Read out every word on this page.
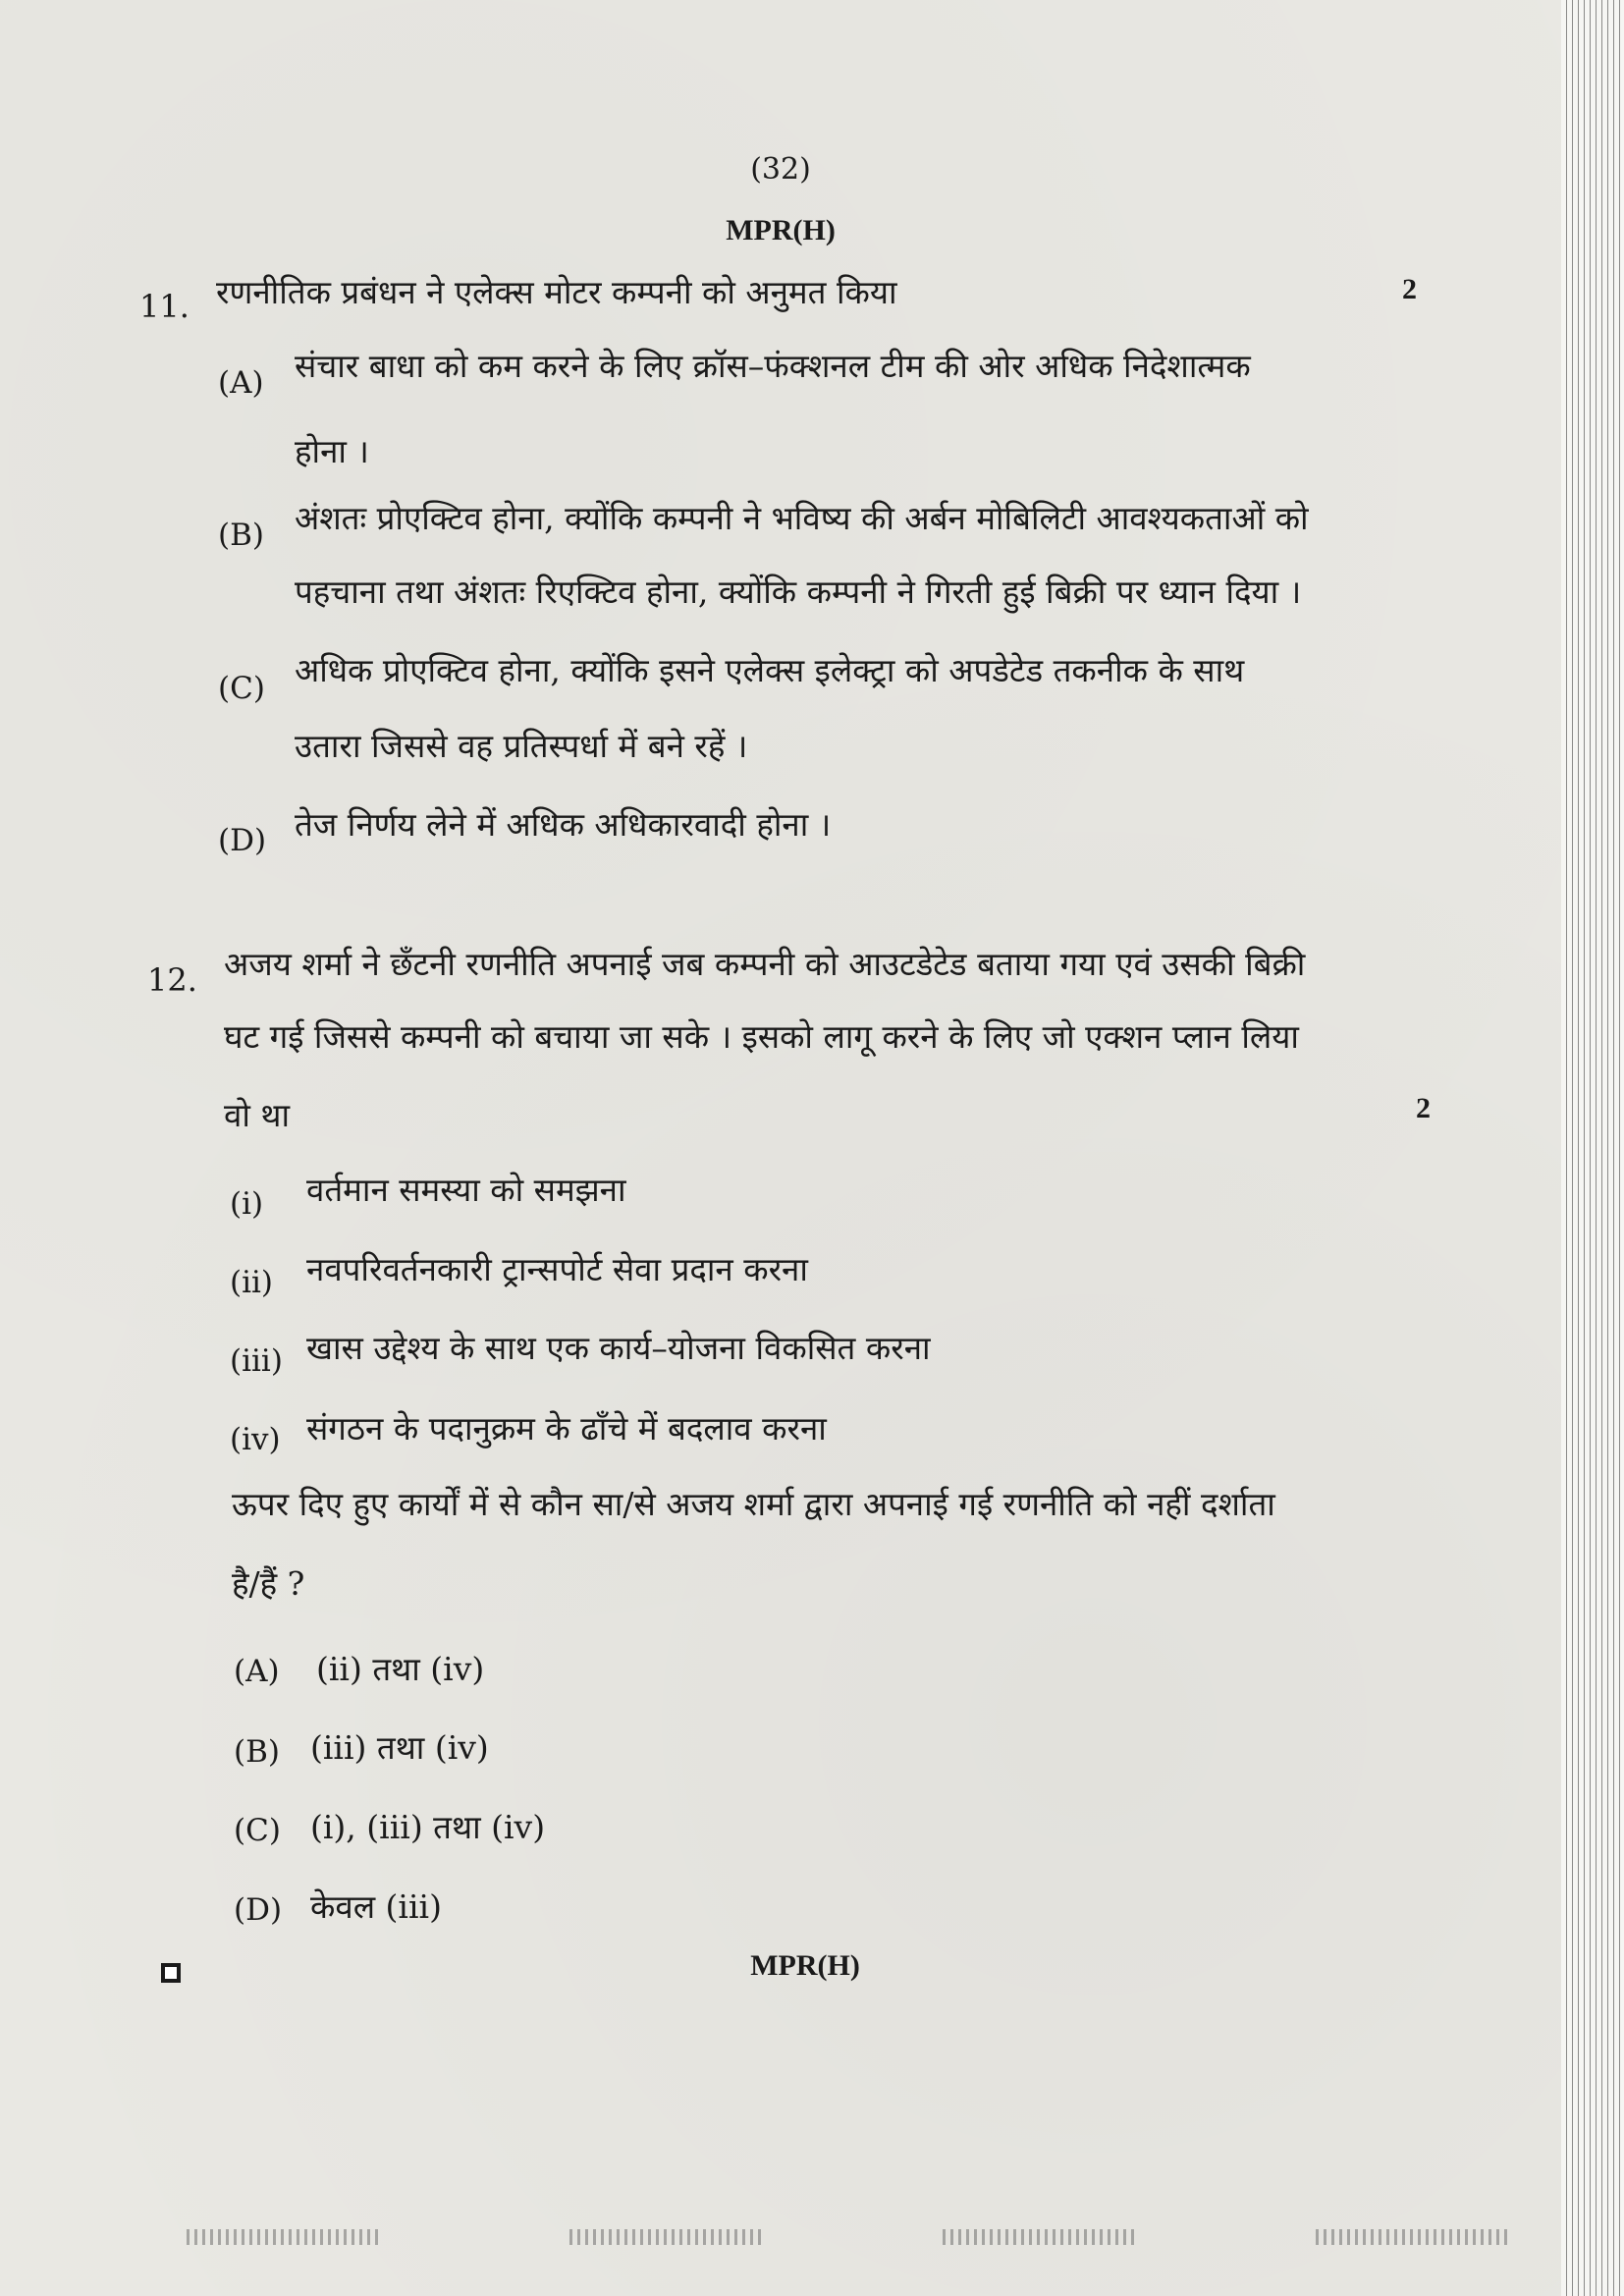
(32)
MPR(H)
11. रणनीतिक प्रबंधन ने एलेक्स मोटर कम्पनी को अनुमत किया	2
(A) संचार बाधा को कम करने के लिए क्रॉस–फंक्शनल टीम की ओर अधिक निदेशात्मक
होना ।
(B) अंशतः प्रोएक्टिव होना, क्योंकि कम्पनी ने भविष्य की अर्बन मोबिलिटी आवश्यकताओं को
पहचाना तथा अंशतः रिएक्टिव होना, क्योंकि कम्पनी ने गिरती हुई बिक्री पर ध्यान दिया ।
(C) अधिक प्रोएक्टिव होना, क्योंकि इसने एलेक्स इलेक्ट्रा को अपडेटेड तकनीक के साथ
उतारा जिससे वह प्रतिस्पर्धा में बने रहें ।
(D) तेज निर्णय लेने में अधिक अधिकारवादी होना ।
12. अजय शर्मा ने छँटनी रणनीति अपनाई जब कम्पनी को आउटडेटेड बताया गया एवं उसकी बिक्री
घट गई जिससे कम्पनी को बचाया जा सके । इसको लागू करने के लिए जो एक्शन प्लान लिया
वो था	2
(i) वर्तमान समस्या को समझना
(ii) नवपरिवर्तनकारी ट्रान्सपोर्ट सेवा प्रदान करना
(iii) खास उद्देश्य के साथ एक कार्य–योजना विकसित करना
(iv) संगठन के पदानुक्रम के ढाँचे में बदलाव करना
ऊपर दिए हुए कार्यों में से कौन सा/से अजय शर्मा द्वारा अपनाई गई रणनीति को नहीं दर्शाता
है/हैं ?
(A) (ii) तथा (iv)
(B) (iii) तथा (iv)
(C) (i), (iii) तथा (iv)
(D) केवल (iii)
MPR(H)
